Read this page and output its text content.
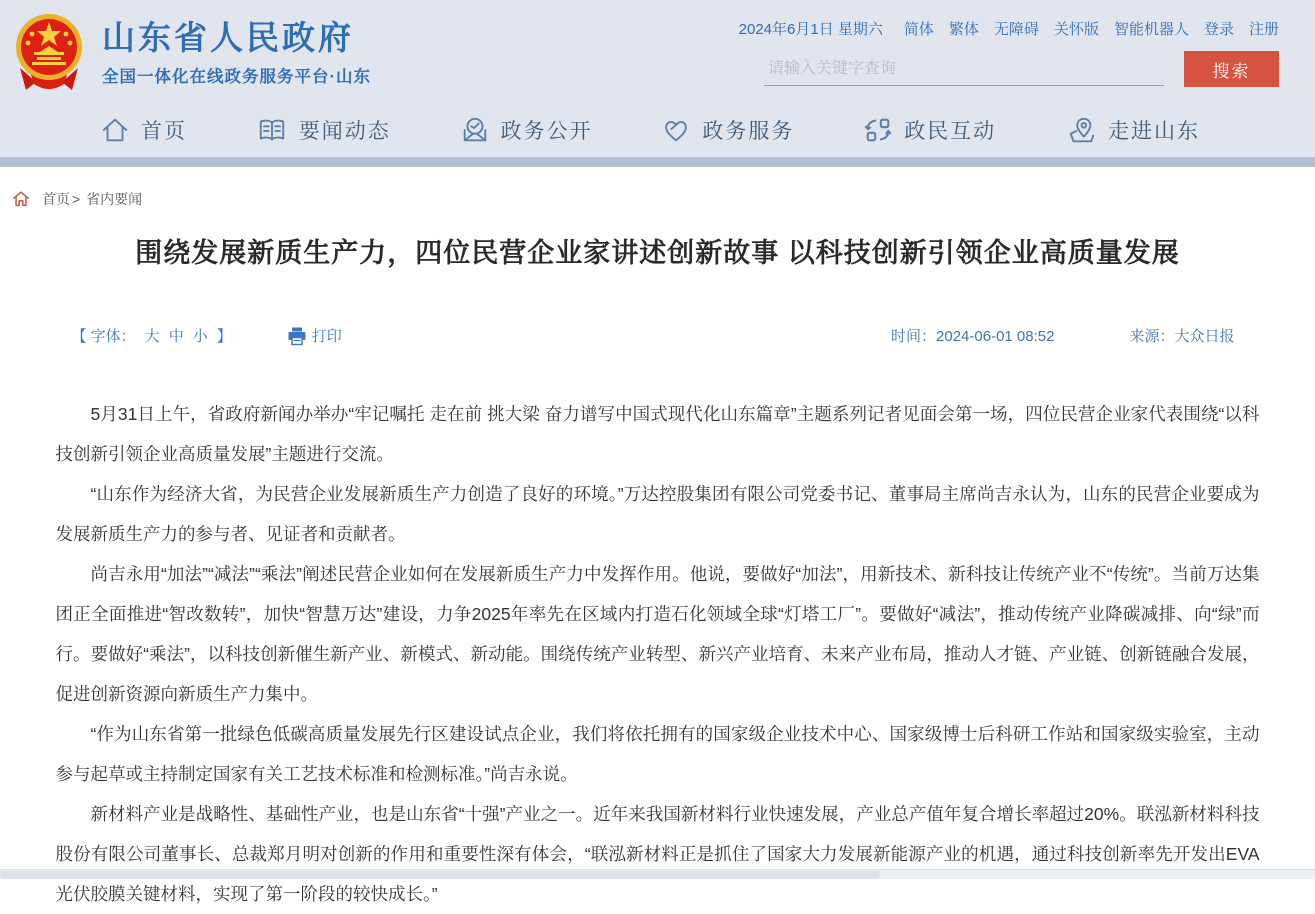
山东省人民政府
全国一体化在线政务服务平台·山东
2024年6月1日 星期六 简体 繁体 无障碍 关怀版 智能机器人 登录 注册
请输入关键字查询
搜索
首页	要闻动态	政务公开	政务服务	政民互动	走进山东
首页 > 省内要闻
围绕发展新质生产力，四位民营企业家讲述创新故事 以科技创新引领企业高质量发展
【 字体： 大 中 小 】	打印	时间：2024-06-01 08:52	来源：大众日报

5月31日上午，省政府新闻办举办“牢记嘱托 走在前 挑大梁 奋力谱写中国式现代化山东篇章”主题系列记者见面会第一场，四位民营企业家代表围绕“以科技创新引领企业高质量发展”主题进行交流。

“山东作为经济大省，为民营企业发展新质生产力创造了良好的环境。”万达控股集团有限公司党委书记、董事局主席尚吉永认为，山东的民营企业要成为发展新质生产力的参与者、见证者和贡献者。

尚吉永用“加法”“减法”“乘法”阐述民营企业如何在发展新质生产力中发挥作用。他说，要做好“加法”，用新技术、新科技让传统产业不“传统”。当前万达集团正全面推进“智改数转”，加快“智慧万达”建设，力争2025年率先在区域内打造石化领域全球“灯塔工厂”。要做好“减法”，推动传统产业降碳减排、向“绿”而行。要做好“乘法”，以科技创新催生新产业、新模式、新动能。围绕传统产业转型、新兴产业培育、未来产业布局，推动人才链、产业链、创新链融合发展，促进创新资源向新质生产力集中。

“作为山东省第一批绿色低碳高质量发展先行区建设试点企业，我们将依托拥有的国家级企业技术中心、国家级博士后科研工作站和国家级实验室，主动参与起草或主持制定国家有关工艺技术标准和检测标准。”尚吉永说。

新材料产业是战略性、基础性产业，也是山东省“十强”产业之一。近年来我国新材料行业快速发展，产业总产值年复合增长率超过20%。联泓新材料科技股份有限公司董事长、总裁郑月明对创新的作用和重要性深有体会，“联泓新材料正是抓住了国家大力发展新能源产业的机遇，通过科技创新率先开发出EVA光伏胶膜关键材料，实现了第一阶段的较快成长。”
